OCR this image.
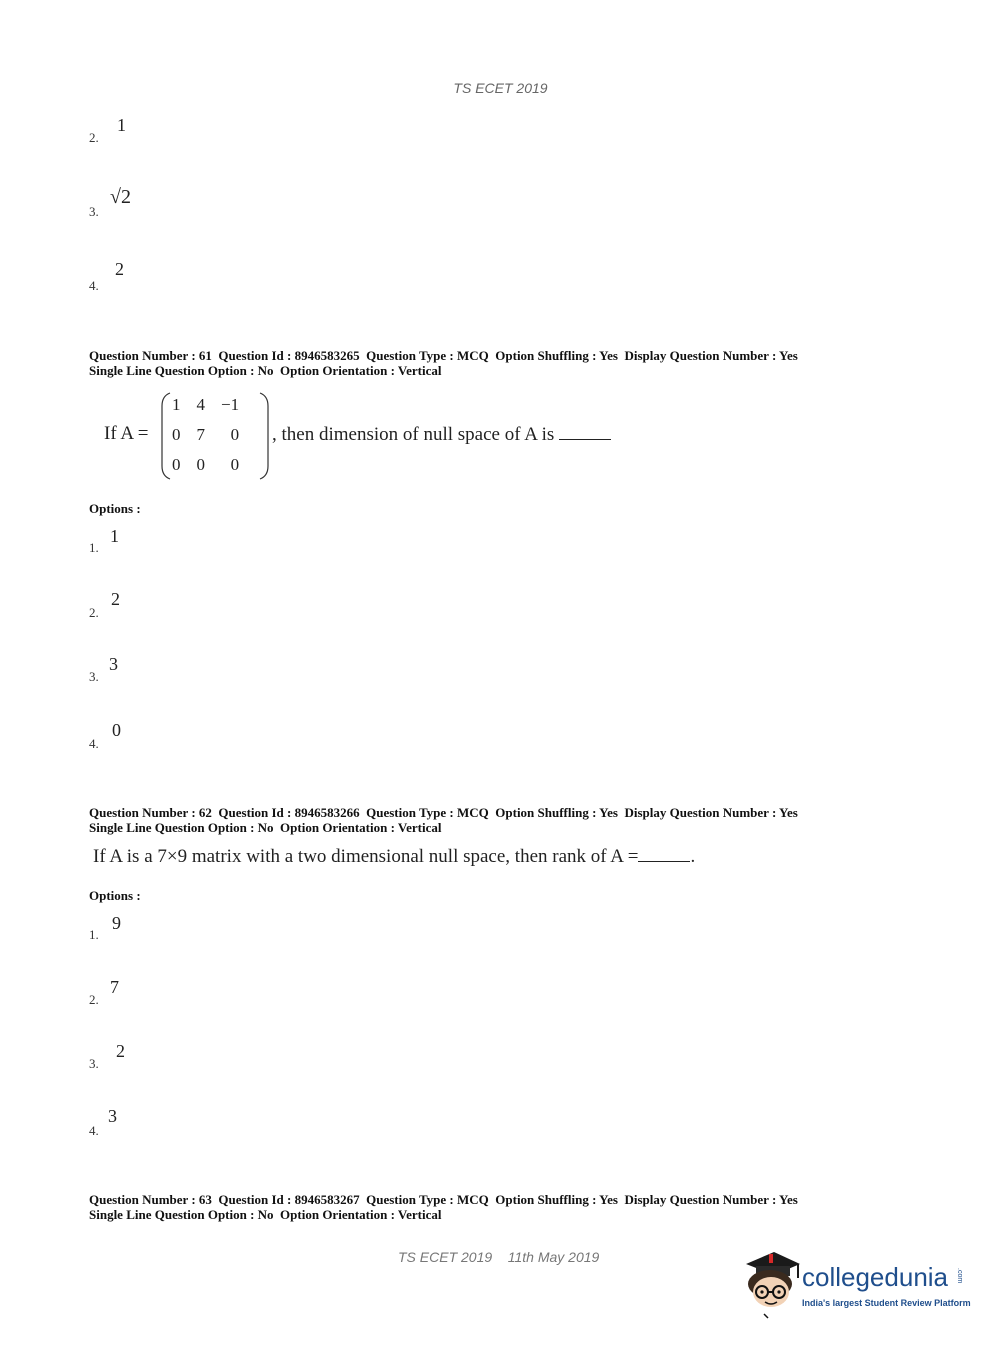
TS ECET 2019
2.
1
3.
√2
4.
2
Question Number : 61  Question Id : 8946583265  Question Type : MCQ  Option Shuffling : Yes  Display Question Number : Yes
Single Line Question Option : No  Option Orientation : Vertical
If A =
1	4	−1
0	7	0
0	0	0
, then dimension of null space of A is
Options :
1.
1
2.
2
3.
3
4.
0
Question Number : 62  Question Id : 8946583266  Question Type : MCQ  Option Shuffling : Yes  Display Question Number : Yes
Single Line Question Option : No  Option Orientation : Vertical
If A is a 7×9 matrix with a two dimensional null space, then rank of A =	.
Options :
1.
9
2.
7
3.
2
4.
3
Question Number : 63  Question Id : 8946583267  Question Type : MCQ  Option Shuffling : Yes  Display Question Number : Yes
Single Line Question Option : No  Option Orientation : Vertical
TS ECET 2019 11th May 2019
collegedunia .com
India's largest Student Review Platform
